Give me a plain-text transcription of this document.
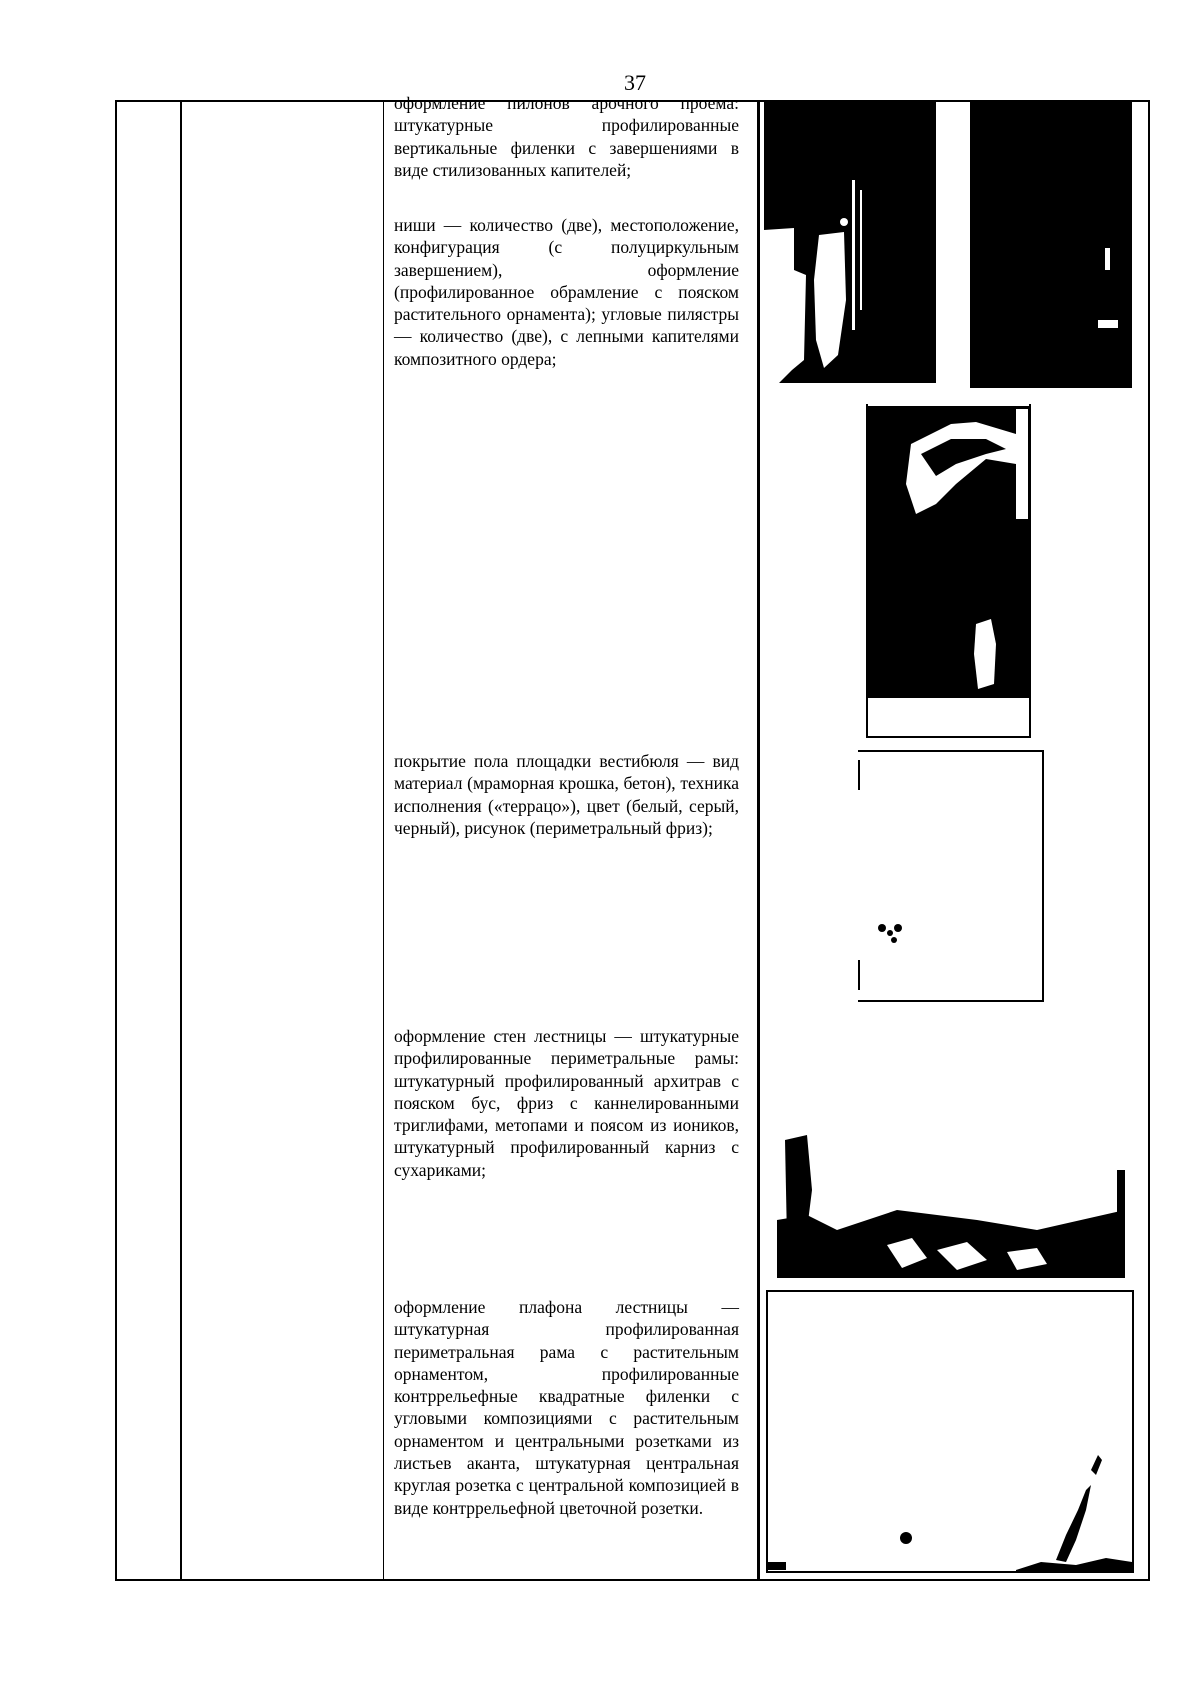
37

оформление пилонов арочного проема: штукатурные профилированные вертикальные филенки с завершениями в виде стилизованных капителей;

ниши — количество (две), местоположение, конфигурация (с полуциркульным завершением), оформление (профилированное обрамление с пояском растительного орнамента); угловые пилястры — количество (две), с лепными капителями композитного ордера;

покрытие пола площадки вестибюля — вид материал (мраморная крошка, бетон), техника исполнения («террацо»), цвет (белый, серый, черный), рисунок (периметральный фриз);

оформление стен лестницы — штукатурные профилированные периметральные рамы: штукатурный профилированный архитрав с пояском бус, фриз с каннелированными триглифами, метопами и поясом из иоников, штукатурный профилированный карниз с сухариками;

оформление плафона лестницы — штукатурная профилированная периметральная рама с растительным орнаментом, профилированные контррельефные квадратные филенки с угловыми композициями с растительным орнаментом и центральными розетками из листьев аканта, штукатурная центральная круглая розетка с центральной композицией в виде контррельефной цветочной розетки.
